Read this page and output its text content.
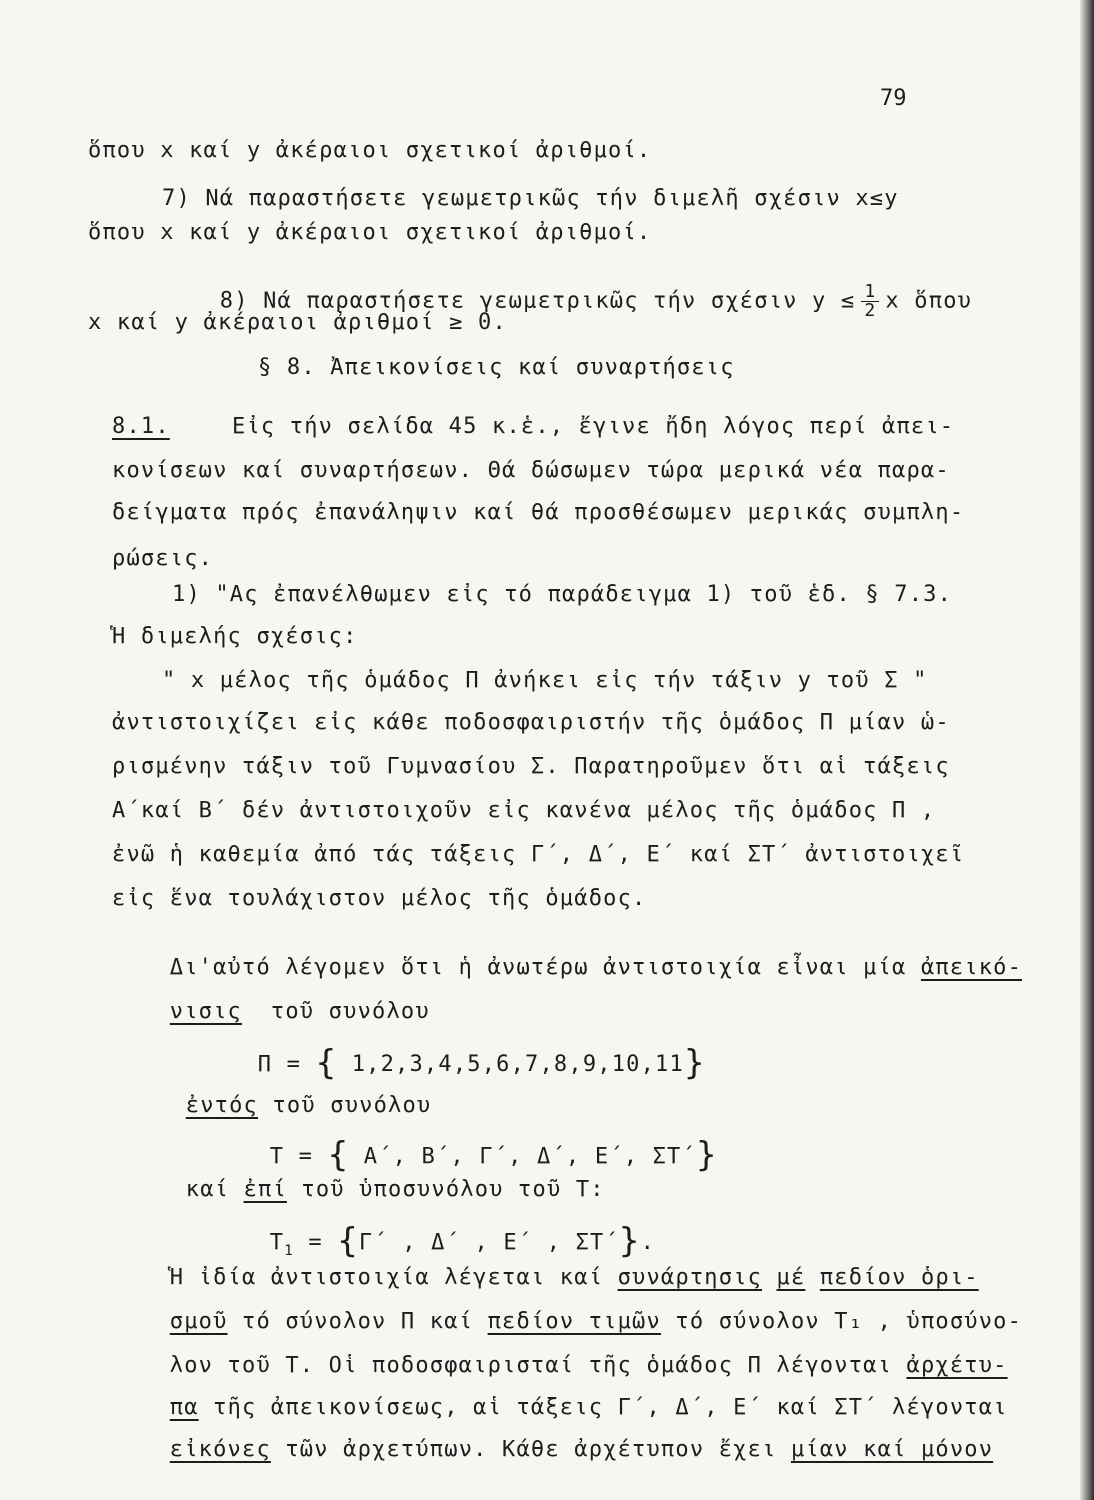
79
ὅπου x καί y ἀκέραιοι σχετικοί ἀριθμοί.
7) Νά παραστήσετε γεωμετρικῶς τήν διμελῆ σχέσιν x≤y
ὅπου x καί y ἀκέραιοι σχετικοί ἀριθμοί.

8) Νά παραστήσετε γεωμετρικῶς τήν σχέσιν $y \le \frac{1}{2}$ x ὅπου

x καί y ἀκέραιοι ἀριθμοί ≥ 0.
§ 8. Ἀπεικονίσεις καί συναρτήσεις
8.1.	Εἰς τήν σελίδα 45 κ.ἑ., ἔγινε ἤδη λόγος περί ἀπει-
κονίσεων καί συναρτήσεων. Θά δώσωμεν τώρα μερικά νέα παρα-
δείγματα πρός ἐπανάληψιν καί θά προσθέσωμεν μερικάς συμπλη-
ρώσεις.
1) "Ας ἐπανέλθωμεν εἰς τό παράδειγμα 1) τοῦ ἑδ. § 7.3.
Ἡ διμελής σχέσις:
" x μέλος τῆς ὁμάδος Π ἀνήκει εἰς τήν τάξιν y τοῦ Σ "
ἀντιστοιχίζει εἰς κάθε ποδοσφαιριστήν τῆς ὁμάδος Π μίαν ὡ-
ρισμένην τάξιν τοῦ Γυμνασίου Σ. Παρατηροῦμεν ὅτι αἱ τάξεις
Α΄καί Β΄ δέν ἀντιστοιχοῦν εἰς κανένα μέλος τῆς ὁμάδος Π ,
ἐνῶ ἡ καθεμία ἀπό τάς τάξεις Γ΄, Δ΄, Ε΄ καί ΣΤ΄ ἀντιστοιχεῖ
εἰς ἕνα τουλάχιστον μέλος τῆς ὁμάδος.

Δι'αὐτό λέγομεν ὅτι ἡ ἀνωτέρω ἀντιστοιχία εἶναι μία ἀπεικό-

νισις τοῦ συνόλου

Π = { 1,2,3,4,5,6,7,8,9,10,11}

ἐντός τοῦ συνόλου

Τ = { Α΄, Β΄, Γ΄, Δ΄, Ε΄, ΣΤ΄}

καί ἐπί τοῦ ὑποσυνόλου τοῦ Τ:

$T_1 = \{\Gamma΄$ , Δ΄ , Ε΄ , ΣΤ΄}.

Ἡ ἰδία ἀντιστοιχία λέγεται καί συνάρτησις μέ πεδίον ὁρι-

σμοῦ τό σύνολον Π καί πεδίον τιμῶν τό σύνολον Τ₁ , ὑποσύνο-

λον τοῦ Τ. Οἱ ποδοσφαιρισταί τῆς ὁμάδος Π λέγονται ἀρχέτυ-

πα τῆς ἀπεικονίσεως, αἱ τάξεις Γ΄, Δ΄, Ε΄ καί ΣΤ΄ λέγονται

εἰκόνες τῶν ἀρχετύπων. Κάθε ἀρχέτυπον ἔχει μίαν καί μόνον
